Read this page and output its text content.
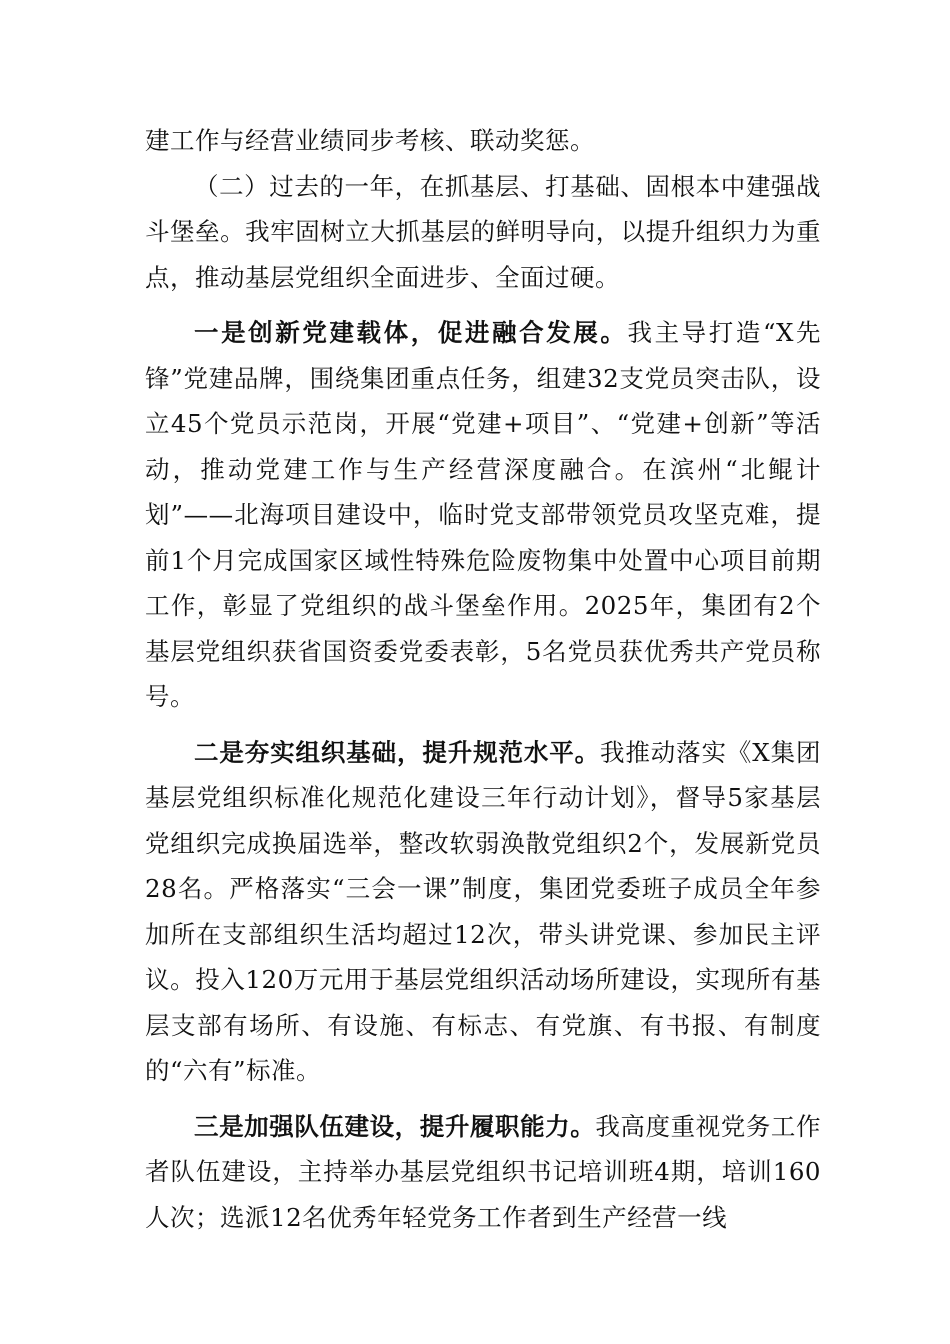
建工作与经营业绩同步考核、联动奖惩。

（二）过去的一年，在抓基层、打基础、固根本中建强战斗堡垒。我牢固树立大抓基层的鲜明导向，以提升组织力为重点，推动基层党组织全面进步、全面过硬。

一是创新党建载体，促进融合发展。我主导打造“X先锋”党建品牌，围绕集团重点任务，组建32支党员突击队，设立45个党员示范岗，开展“党建+项目”、“党建+创新”等活动，推动党建工作与生产经营深度融合。在滨州“北鲲计划”——北海项目建设中，临时党支部带领党员攻坚克难，提前1个月完成国家区域性特殊危险废物集中处置中心项目前期工作，彰显了党组织的战斗堡垒作用。2025年，集团有2个基层党组织获省国资委党委表彰，5名党员获优秀共产党员称号。

二是夯实组织基础，提升规范水平。我推动落实《X集团基层党组织标准化规范化建设三年行动计划》，督导5家基层党组织完成换届选举，整改软弱涣散党组织2个，发展新党员28名。严格落实“三会一课”制度，集团党委班子成员全年参加所在支部组织生活均超过12次，带头讲党课、参加民主评议。投入120万元用于基层党组织活动场所建设，实现所有基层支部有场所、有设施、有标志、有党旗、有书报、有制度的“六有”标准。

三是加强队伍建设，提升履职能力。我高度重视党务工作者队伍建设，主持举办基层党组织书记培训班4期，培训160人次；选派12名优秀年轻党务工作者到生产经营一线
